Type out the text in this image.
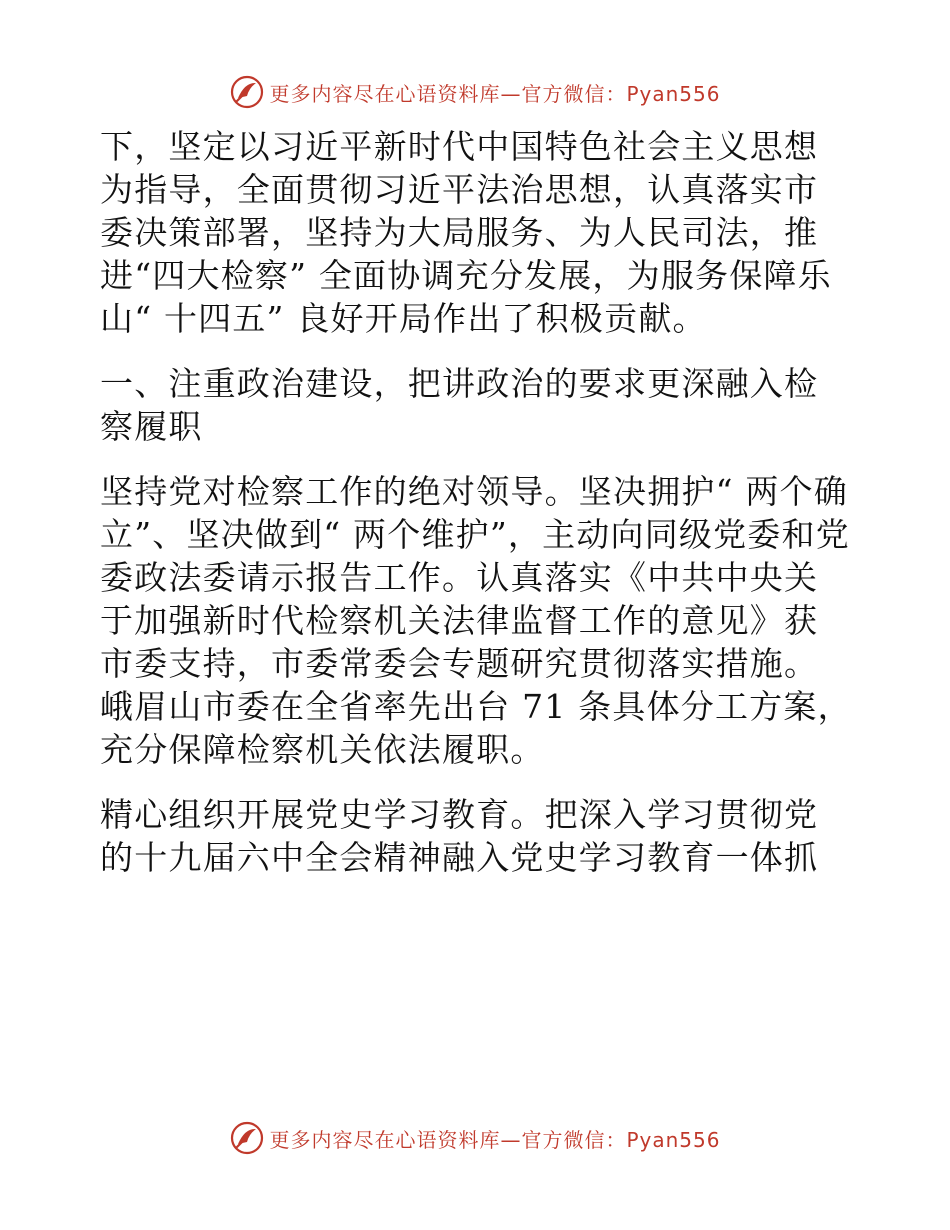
更多内容尽在心语资料库—官方微信：Pyan556

下，坚定以习近平新时代中国特色社会主义思想为指导，全面贯彻习近平法治思想，认真落实市委决策部署，坚持为大局服务、为人民司法，推进“四大检察” 全面协调充分发展，为服务保障乐山“ 十四五” 良好开局作出了积极贡献。

一、注重政治建设，把讲政治的要求更深融入检察履职

坚持党对检察工作的绝对领导。坚决拥护“ 两个确立”、坚决做到“ 两个维护”，主动向同级党委和党委政法委请示报告工作。认真落实《中共中央关于加强新时代检察机关法律监督工作的意见》获市委支持，市委常委会专题研究贯彻落实措施。峨眉山市委在全省率先出台 71 条具体分工方案，充分保障检察机关依法履职。

精心组织开展党史学习教育。把深入学习贯彻党的十九届六中全会精神融入党史学习教育一体抓

更多内容尽在心语资料库—官方微信：Pyan556
